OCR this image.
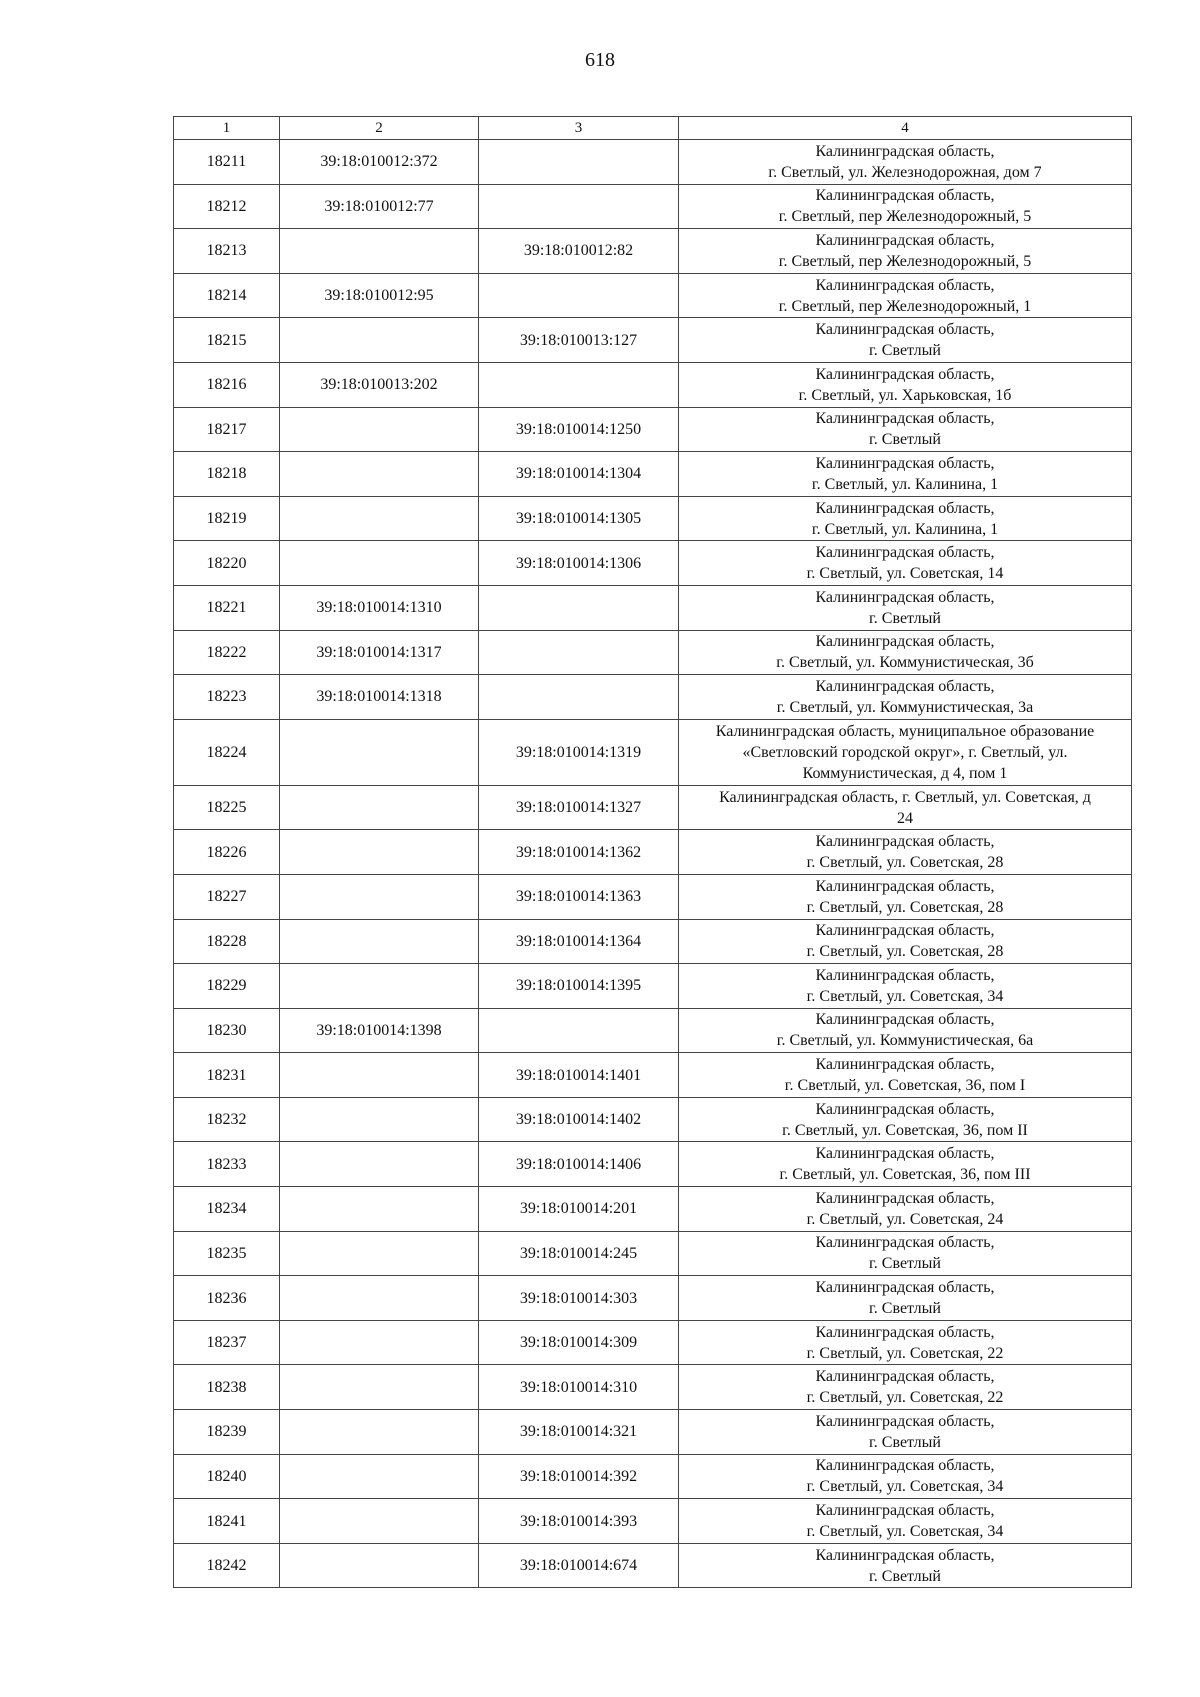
618
1	2	3	4
18211	39:18:010012:372		Калининградская область,
г. Светлый, ул. Железнодорожная, дом 7
18212	39:18:010012:77		Калининградская область,
г. Светлый, пер Железнодорожный, 5
18213		39:18:010012:82	Калининградская область,
г. Светлый, пер Железнодорожный, 5
18214	39:18:010012:95		Калининградская область,
г. Светлый, пер Железнодорожный, 1
18215		39:18:010013:127	Калининградская область,
г. Светлый
18216	39:18:010013:202		Калининградская область,
г. Светлый, ул. Харьковская, 1б
18217		39:18:010014:1250	Калининградская область,
г. Светлый
18218		39:18:010014:1304	Калининградская область,
г. Светлый, ул. Калинина, 1
18219		39:18:010014:1305	Калининградская область,
г. Светлый, ул. Калинина, 1
18220		39:18:010014:1306	Калининградская область,
г. Светлый, ул. Советская, 14
18221	39:18:010014:1310		Калининградская область,
г. Светлый
18222	39:18:010014:1317		Калининградская область,
г. Светлый, ул. Коммунистическая, 3б
18223	39:18:010014:1318		Калининградская область,
г. Светлый, ул. Коммунистическая, 3а
18224		39:18:010014:1319	Калининградская область, муниципальное образование
«Светловский городской округ», г. Светлый, ул.
Коммунистическая, д 4, пом 1
18225		39:18:010014:1327	Калининградская область, г. Светлый, ул. Советская, д
24
18226		39:18:010014:1362	Калининградская область,
г. Светлый, ул. Советская, 28
18227		39:18:010014:1363	Калининградская область,
г. Светлый, ул. Советская, 28
18228		39:18:010014:1364	Калининградская область,
г. Светлый, ул. Советская, 28
18229		39:18:010014:1395	Калининградская область,
г. Светлый, ул. Советская, 34
18230	39:18:010014:1398		Калининградская область,
г. Светлый, ул. Коммунистическая, 6а
18231		39:18:010014:1401	Калининградская область,
г. Светлый, ул. Советская, 36, пом I
18232		39:18:010014:1402	Калининградская область,
г. Светлый, ул. Советская, 36, пом II
18233		39:18:010014:1406	Калининградская область,
г. Светлый, ул. Советская, 36, пом III
18234		39:18:010014:201	Калининградская область,
г. Светлый, ул. Советская, 24
18235		39:18:010014:245	Калининградская область,
г. Светлый
18236		39:18:010014:303	Калининградская область,
г. Светлый
18237		39:18:010014:309	Калининградская область,
г. Светлый, ул. Советская, 22
18238		39:18:010014:310	Калининградская область,
г. Светлый, ул. Советская, 22
18239		39:18:010014:321	Калининградская область,
г. Светлый
18240		39:18:010014:392	Калининградская область,
г. Светлый, ул. Советская, 34
18241		39:18:010014:393	Калининградская область,
г. Светлый, ул. Советская, 34
18242		39:18:010014:674	Калининградская область,
г. Светлый
